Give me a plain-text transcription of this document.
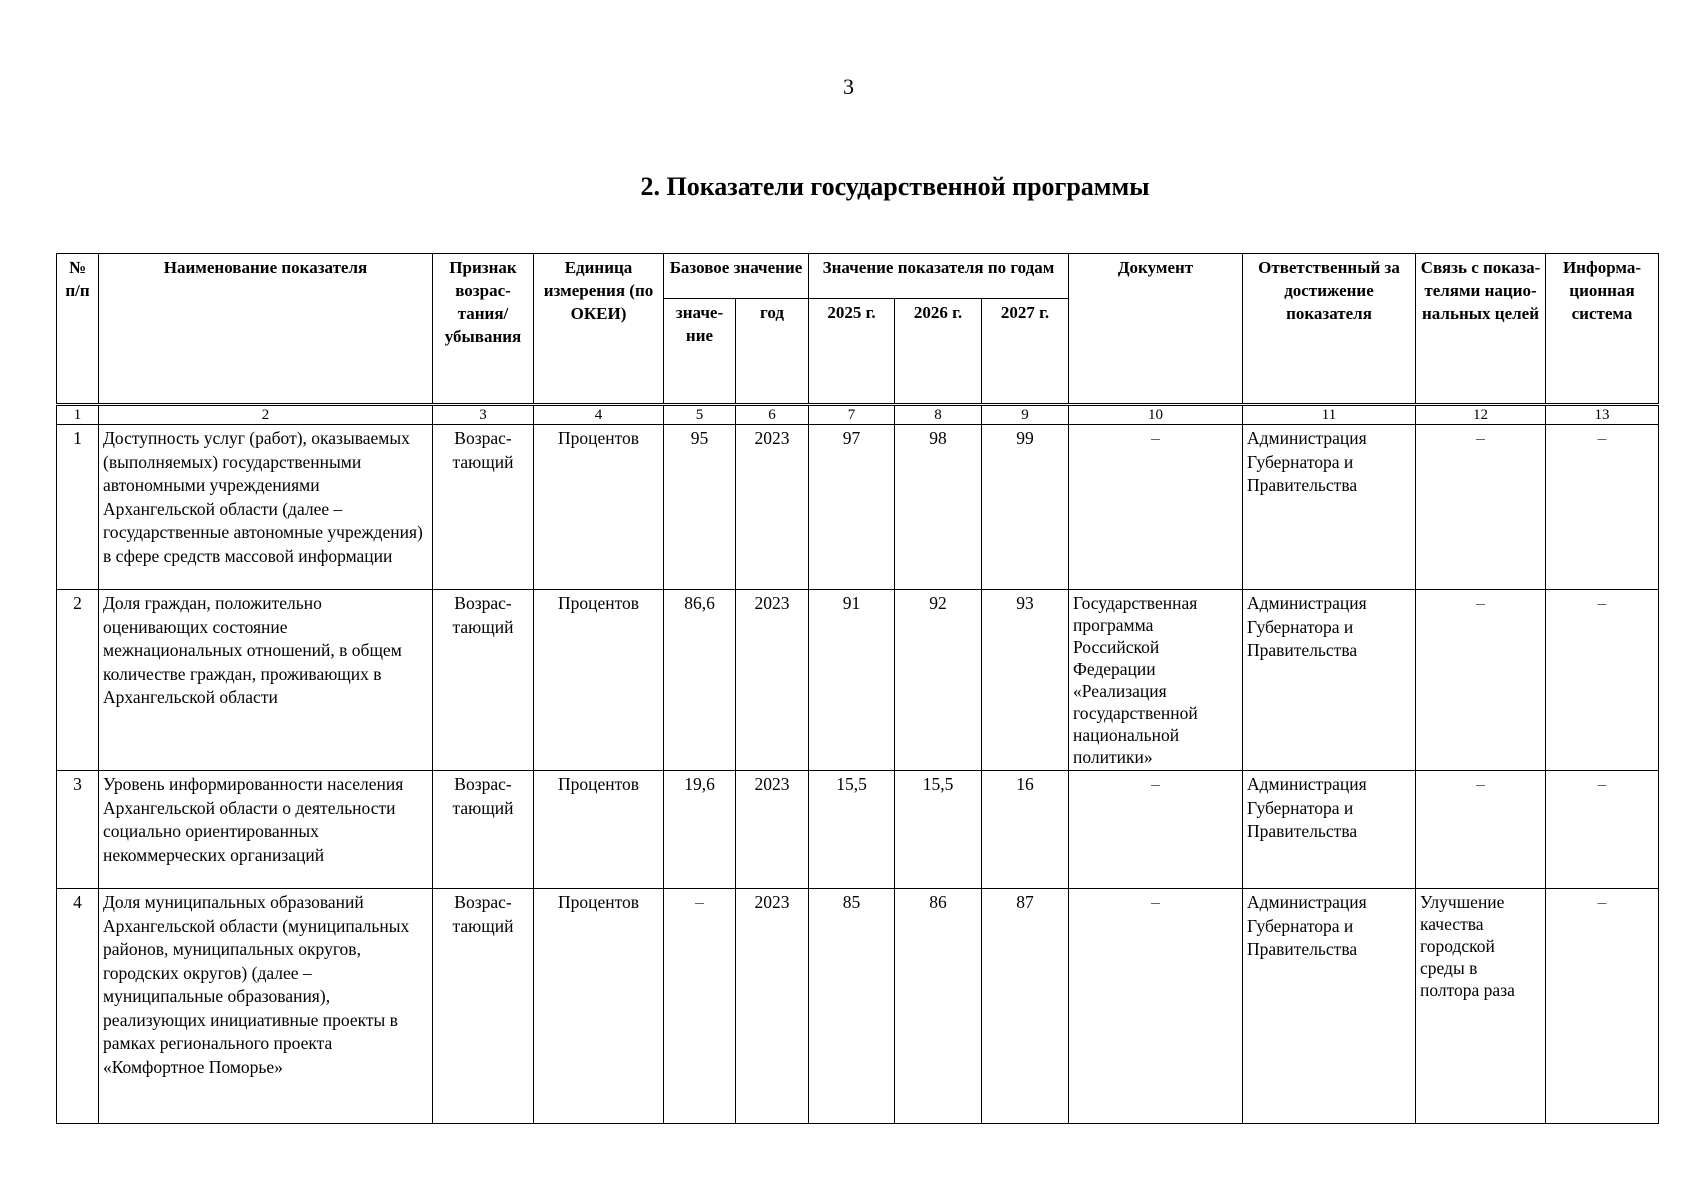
3
2. Показатели государственной программы
№ п/п	Наименование показателя	Признак возрас-тания/ убывания	Единица измерения (по ОКЕИ)	Базовое значение		Значение показателя по годам			Документ	Ответственный за достижение показателя	Связь с показа-телями нацио-нальных целей	Информа-ционная система
				значе-ние	год	2025 г.	2026 г.	2027 г.				
1	2	3	4	5	6	7	8	9	10	11	12	13
1	Доступность услуг (работ), оказываемых (выполняемых) государственными автономными учреждениями Архангельской области (далее – государственные автономные учреждения) в сфере средств массовой информации	Возрас-тающий	Процентов	95	2023	97	98	99	–	Администрация Губернатора и Правительства	–	–
2	Доля граждан, положительно оценивающих состояние межнациональных отношений, в общем количестве граждан, проживающих в Архангельской области	Возрас-тающий	Процентов	86,6	2023	91	92	93	Государственная программа Российской Федерации «Реализация государственной национальной политики»	Администрация Губернатора и Правительства	–	–
3	Уровень информированности населения Архангельской области о деятельности социально ориентированных некоммерческих организаций	Возрас-тающий	Процентов	19,6	2023	15,5	15,5	16	–	Администрация Губернатора и Правительства	–	–
4	Доля муниципальных образований Архангельской области (муниципальных районов, муниципальных округов, городских округов) (далее – муниципальные образования), реализующих инициативные проекты в рамках регионального проекта «Комфортное Поморье»	Возрас-тающий	Процентов	–	2023	85	86	87	–	Администрация Губернатора и Правительства	Улучшение качества городской среды в полтора раза	–
